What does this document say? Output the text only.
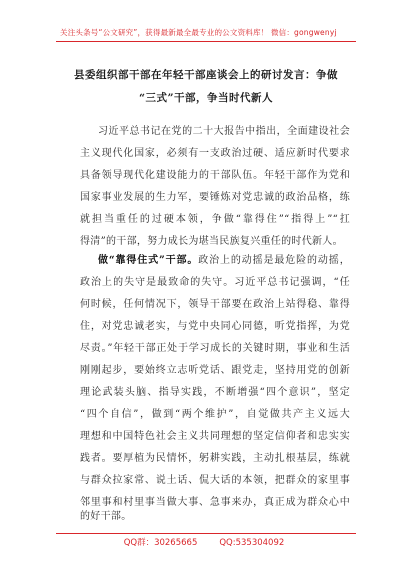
关注头条号“公文研究”，获得最新最全最专业的公文资料库！ 微信：gongwenyj
县委组织部干部在年轻干部座谈会上的研讨发言：争做
“三式”干部，争当时代新人
习近平总书记在党的二十大报告中指出，全面建设社会
主义现代化国家，必须有一支政治过硬、适应新时代要求
具备领导现代化建设能力的干部队伍。年轻干部作为党和
国家事业发展的生力军，要锤炼对党忠诚的政治品格，练
就担当重任的过硬本领，争做“靠得住”“指得上”“扛
得清”的干部，努力成长为堪当民族复兴重任的时代新人。
做“靠得住式”干部。政治上的动摇是最危险的动摇，
政治上的失守是最致命的失守。习近平总书记强调，“任
何时候，任何情况下，领导干部要在政治上站得稳、靠得
住，对党忠诚老实，与党中央同心同德，听党指挥，为党
尽责。”年轻干部正处于学习成长的关键时期，事业和生活
刚刚起步，要始终立志听党话、跟党走，坚持用党的创新
理论武装头脑、指导实践，不断增强“四个意识”，坚定
“四个自信”，做到“两个维护”，自觉做共产主义远大
理想和中国特色社会主义共同理想的坚定信仰者和忠实实
践者。要厚植为民情怀，躬耕实践，主动扎根基层，练就
与群众拉家常、说土话、侃大话的本领，把群众的家里事
邻里事和村里事当做大事、急事来办，真正成为群众心中
的好干部。
QQ群：30265665	QQ:535304092
